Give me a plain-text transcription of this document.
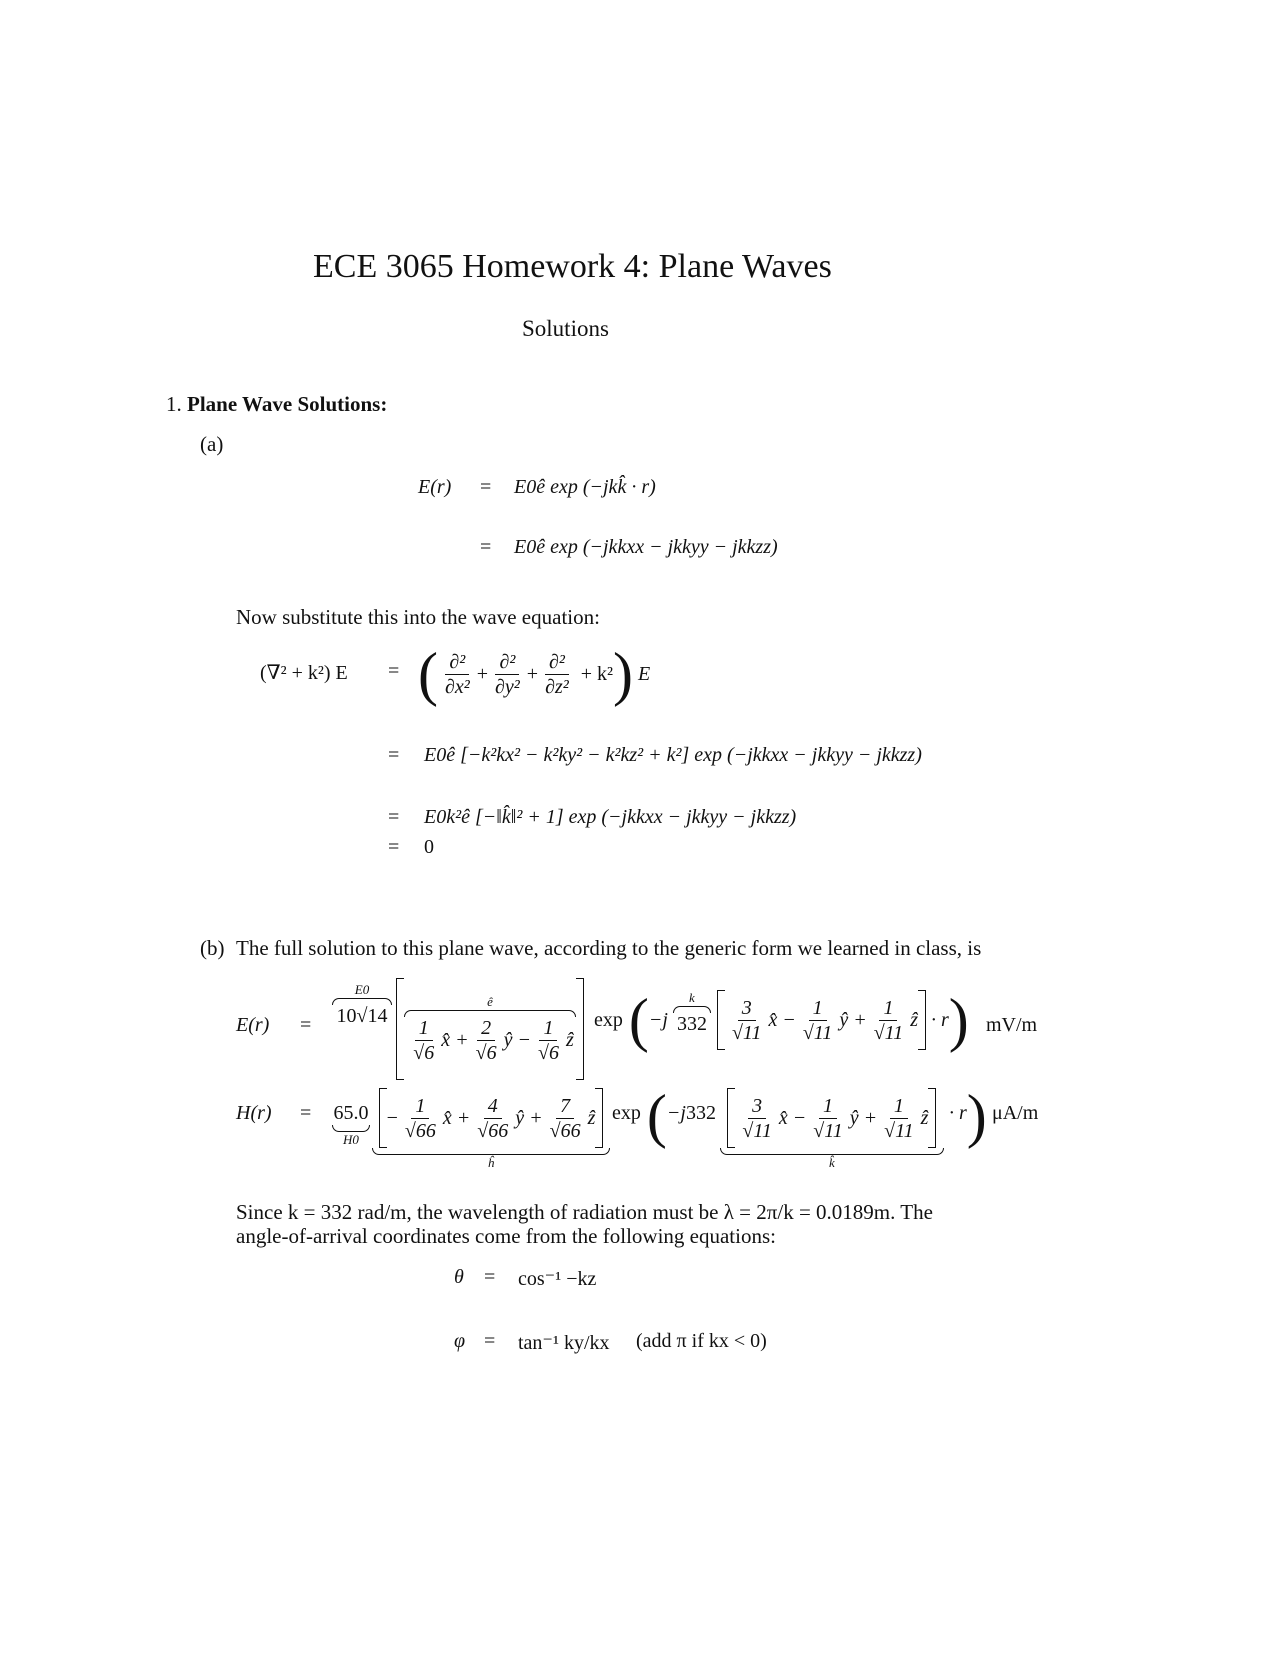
ECE 3065 Homework 4: Plane Waves
Solutions
1. Plane Wave Solutions:
(a)
E(r) = E0ê exp (−jkk̂ · r)
= E0ê exp (−jkkxx − jkkyy − jkkzz)
Now substitute this into the wave equation:
(∇² + k²) E = ( $\frac{\text{∂²}}{\text{∂x²}} + \frac{\text{∂²}}{\text{∂y²}} + \frac{\text{∂²}}{\text{∂z²}} + k^2$ ) E
= E0ê [−k²kx² − k²ky² − k²kz² + k²] exp (−jkkxx − jkkyy − jkkzz)
= E0k²ê [−‖k̂‖² + 1] exp (−jkkxx − jkkyy − jkkzz)
= 0
(b) The full solution to this plane wave, according to the generic form we learned in class, is
E(r) =
E0
10√14
ê
$\frac{1}{√6}$ x̂ + $\frac{2}{√6}$ ŷ − $\frac{1}{√6}$ ẑ
exp ( −j
k
$332 \frac{3}{√11}$ x̂ − $\frac{1}{√11}$ ŷ + $\frac{1}{√11}$ ẑ · r ) mV/m
H(r) = 65.0
H0
− $\frac{1}{√66}$ x̂ + $\frac{4}{√66}$ ŷ + $\frac{7}{√66}$ ẑ
ĥ
exp ( $-j332 \frac{3}{√11}$ x̂ − $\frac{1}{√11}$ ŷ + $\frac{1}{√11}$ ẑ
k̂
· r ) μA/m
Since k = 332 rad/m, the wavelength of radiation must be λ = 2π/k = 0.0189m. The
angle-of-arrival coordinates come from the following equations:
θ = cos⁻¹ −kz
φ = tan⁻¹ ky/kx (add π if kx < 0)
